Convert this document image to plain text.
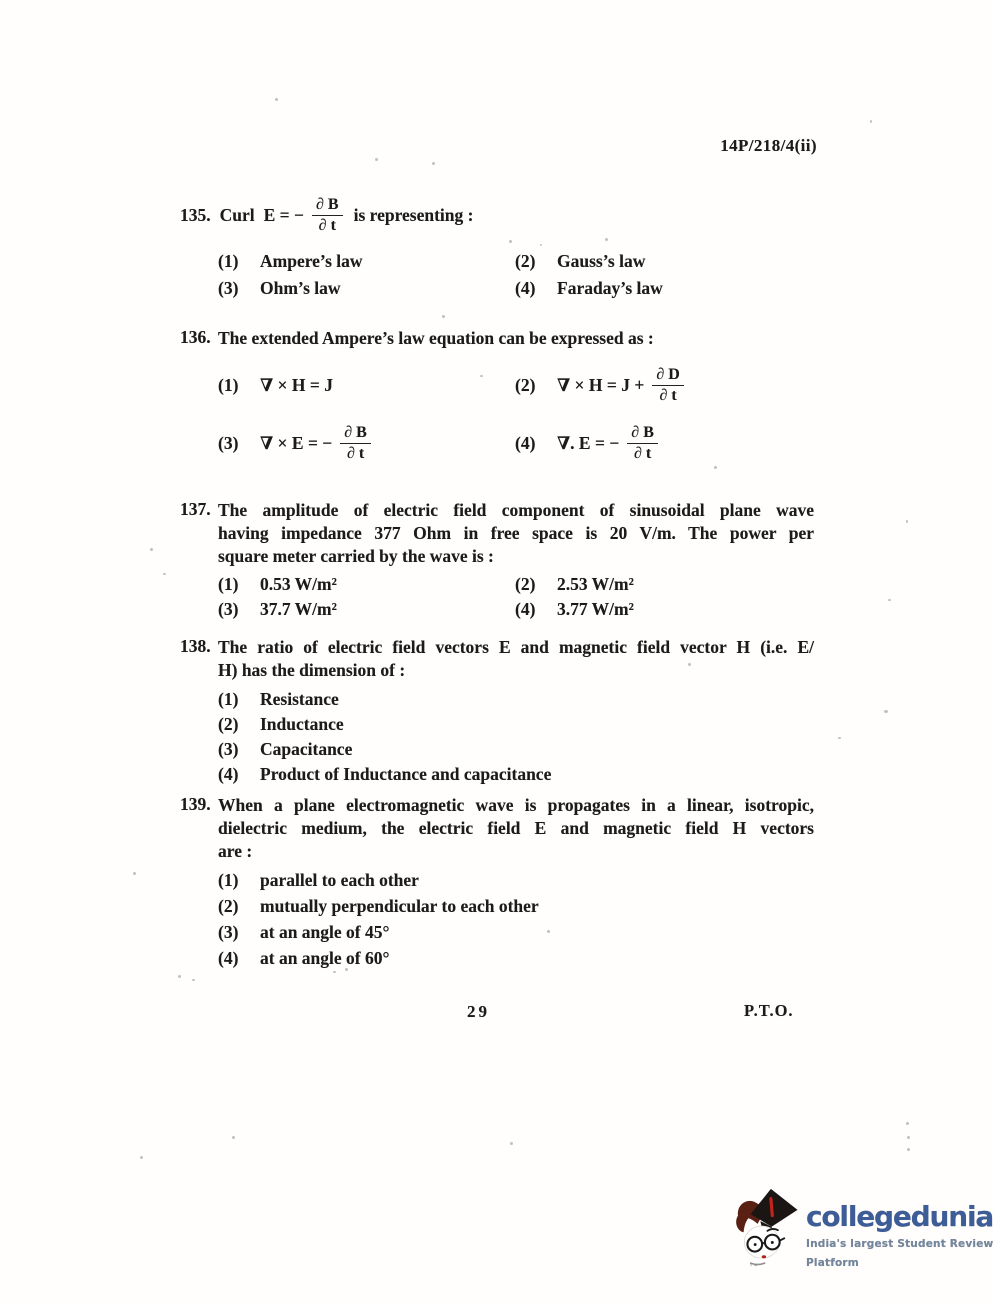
14P/218/4(ii)
135. Curl E = − $\frac{\partial B}{\partial t}$ is representing :
(1)	Ampere’s law	(2)	Gauss’s law
(3)	Ohm’s law	(4)	Faraday’s law
136. The extended Ampere’s law equation can be expressed as :
(1)	∇ × H = J	(2)	∇ × $H = J + \frac{\partial D}{\partial t}$
(3)	∇ × E = − $\frac{\partial B}{\partial t}$	(4)	∇. E = − $\frac{\partial B}{\partial t}$
137. The amplitude of electric field component of sinusoidal plane wave
having impedance 377 Ohm in free space is 20 V/m. The power per
square meter carried by the wave is :
(1)	0.53 W/m²	(2)	2.53 W/m²
(3)	37.7 W/m²	(4)	3.77 W/m²
138. The ratio of electric field vectors E and magnetic field vector H (i.e. E/
H) has the dimension of :
(1)	Resistance
(2)	Inductance
(3)	Capacitance
(4)	Product of Inductance and capacitance
139. When a plane electromagnetic wave is propagates in a linear, isotropic,
dielectric medium, the electric field E and magnetic field H vectors
are :
(1)	parallel to each other
(2)	mutually perpendicular to each other
(3)	at an angle of 45°
(4)	at an angle of 60°
29	P.T.O.
collegedunia
India's largest Student Review Platform
~
